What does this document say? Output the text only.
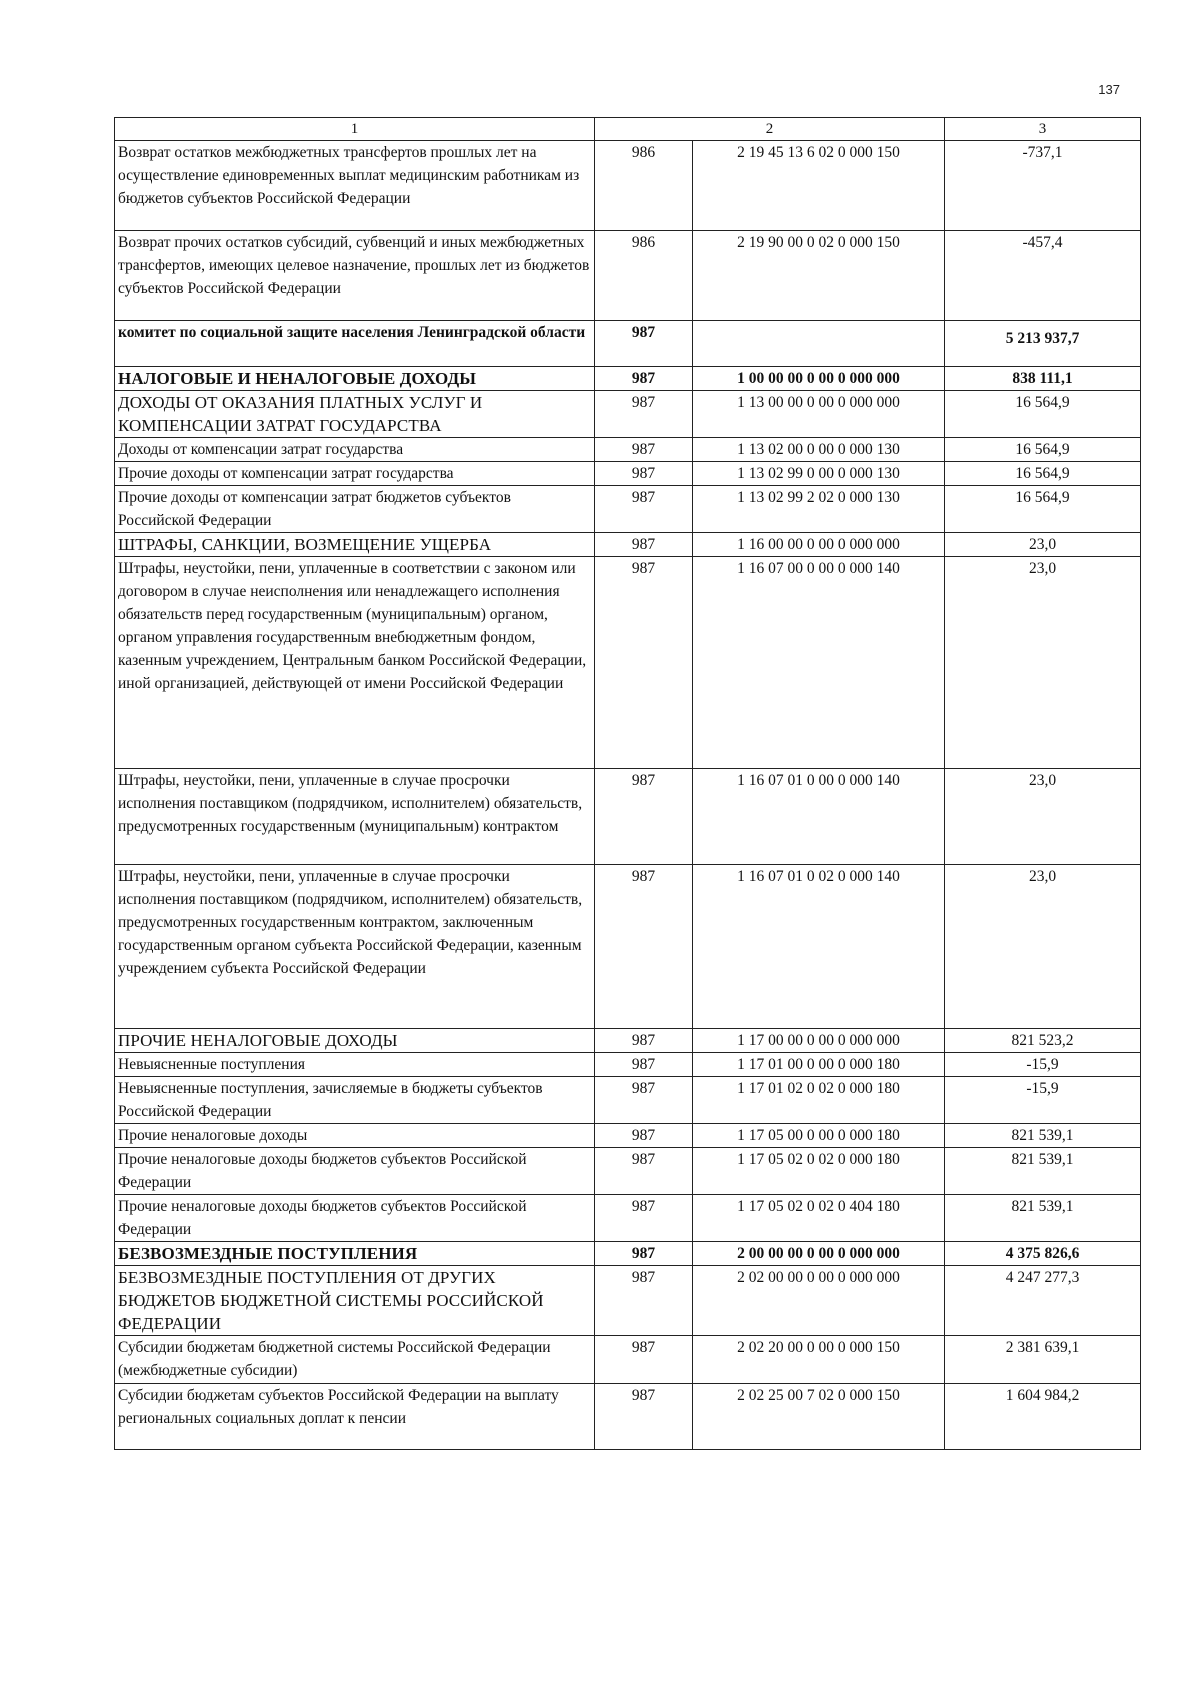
137
1	2		3
Возврат остатков межбюджетных трансфертов прошлых лет на осуществление единовременных выплат медицинским работникам из бюджетов субъектов Российской Федерации	986	2 19 45 13 6 02 0 000 150	-737,1
Возврат прочих остатков субсидий, субвенций и иных межбюджетных трансфертов, имеющих целевое назначение, прошлых лет из бюджетов субъектов Российской Федерации	986	2 19 90 00 0 02 0 000 150	-457,4
комитет по социальной защите населения Ленинградской области	987		5 213 937,7
НАЛОГОВЫЕ И НЕНАЛОГОВЫЕ ДОХОДЫ	987	1 00 00 00 0 00 0 000 000	838 111,1
ДОХОДЫ ОТ ОКАЗАНИЯ ПЛАТНЫХ УСЛУГ И КОМПЕНСАЦИИ ЗАТРАТ ГОСУДАРСТВА	987	1 13 00 00 0 00 0 000 000	16 564,9
Доходы от компенсации затрат государства	987	1 13 02 00 0 00 0 000 130	16 564,9
Прочие доходы от компенсации затрат государства	987	1 13 02 99 0 00 0 000 130	16 564,9
Прочие доходы от компенсации затрат бюджетов субъектов Российской Федерации	987	1 13 02 99 2 02 0 000 130	16 564,9
ШТРАФЫ, САНКЦИИ, ВОЗМЕЩЕНИЕ УЩЕРБА	987	1 16 00 00 0 00 0 000 000	23,0
Штрафы, неустойки, пени, уплаченные в соответствии с законом или договором в случае неисполнения или ненадлежащего исполнения обязательств перед государственным (муниципальным) органом, органом управления государственным внебюджетным фондом, казенным учреждением, Центральным банком Российской Федерации, иной организацией, действующей от имени Российской Федерации	987	1 16 07 00 0 00 0 000 140	23,0
Штрафы, неустойки, пени, уплаченные в случае просрочки исполнения поставщиком (подрядчиком, исполнителем) обязательств, предусмотренных государственным (муниципальным) контрактом	987	1 16 07 01 0 00 0 000 140	23,0
Штрафы, неустойки, пени, уплаченные в случае просрочки исполнения поставщиком (подрядчиком, исполнителем) обязательств, предусмотренных государственным контрактом, заключенным государственным органом субъекта Российской Федерации, казенным учреждением субъекта Российской Федерации	987	1 16 07 01 0 02 0 000 140	23,0
ПРОЧИЕ НЕНАЛОГОВЫЕ ДОХОДЫ	987	1 17 00 00 0 00 0 000 000	821 523,2
Невыясненные поступления	987	1 17 01 00 0 00 0 000 180	-15,9
Невыясненные поступления, зачисляемые в бюджеты субъектов Российской Федерации	987	1 17 01 02 0 02 0 000 180	-15,9
Прочие неналоговые доходы	987	1 17 05 00 0 00 0 000 180	821 539,1
Прочие неналоговые доходы бюджетов субъектов Российской Федерации	987	1 17 05 02 0 02 0 000 180	821 539,1
Прочие неналоговые доходы бюджетов субъектов Российской Федерации	987	1 17 05 02 0 02 0 404 180	821 539,1
БЕЗВОЗМЕЗДНЫЕ ПОСТУПЛЕНИЯ	987	2 00 00 00 0 00 0 000 000	4 375 826,6
БЕЗВОЗМЕЗДНЫЕ ПОСТУПЛЕНИЯ ОТ ДРУГИХ БЮДЖЕТОВ БЮДЖЕТНОЙ СИСТЕМЫ РОССИЙСКОЙ ФЕДЕРАЦИИ	987	2 02 00 00 0 00 0 000 000	4 247 277,3
Субсидии бюджетам бюджетной системы Российской Федерации (межбюджетные субсидии)	987	2 02 20 00 0 00 0 000 150	2 381 639,1
Субсидии бюджетам субъектов Российской Федерации на выплату региональных социальных доплат к пенсии	987	2 02 25 00 7 02 0 000 150	1 604 984,2
